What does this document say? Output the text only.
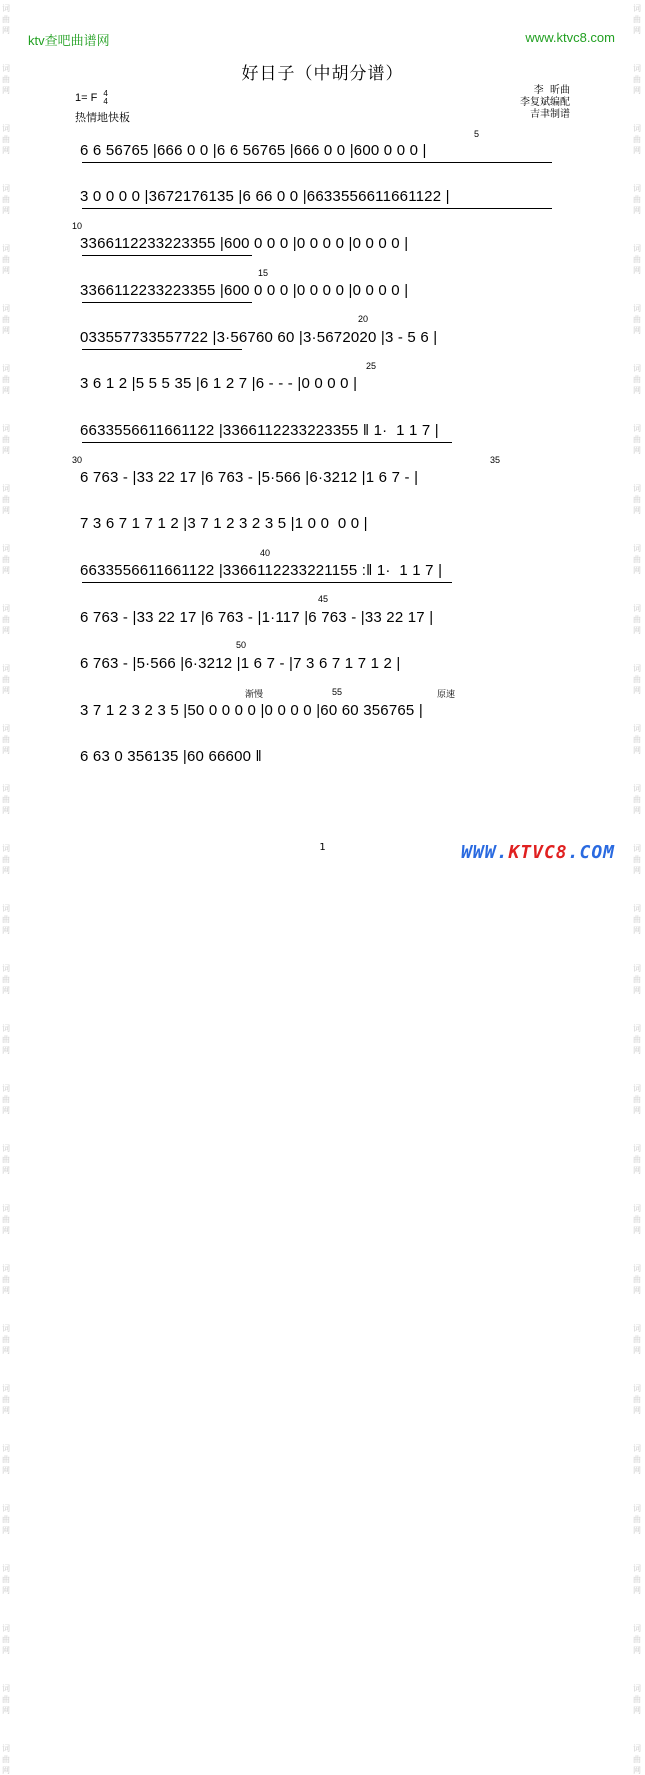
词
曲
网
词
曲
网
词
曲
网
词
曲
网
词
曲
网
词
曲
网
词
曲
网
词
曲
网
词
曲
网
词
曲
网
词
曲
网
词
曲
网
词
曲
网
词
曲
网
词
曲
网
词
曲
网
词
曲
网
词
曲
网
词
曲
网
词
曲
网
词
曲
网
词
曲
网
词
曲
网
词
曲
网
词
曲
网
词
曲
网
词
曲
网
词
曲
网
词
曲
网
词
曲
网
词
曲
网
词
曲
网
词
曲
网
词
曲
网
词
曲
网
词
曲
网
词
曲
网
词
曲
网
词
曲
网
词
曲
网
词
曲
网
词
曲
网
词
曲
网
词
曲
网
词
曲
网
词
曲
网
词
曲
网
词
曲
网
词
曲
网
词
曲
网
词
曲
网
词
曲
网
词
曲
网
词
曲
网
词
曲
网
词
曲
网
词
曲
网
词
曲
网
词
曲
网
词
曲
网
ktv查吧曲谱网	www.ktvc8.com
好日子（中胡分谱）
1= F 4
4
热情地快板
李  昕曲
李复斌编配
吉聿制谱
6 6 56765 |666 0 0 |6 6 56765 |666 0 0 |600 0 0 0 |
3 0 0 0 0 |3672176135 |6 66 0 0 |6633556611661122 |
3366112233223355 |600 0 0 0 |0 0 0 0 |0 0 0 0 |
3366112233223355 |600 0 0 0 |0 0 0 0 |0 0 0 0 |
033557733557722 |3·56760 60 |3·5672020 |3 - 5 6 |
3 6 1 2 |5 5 5 35 |6 1 2 7 |6 - - - |0 0 0 0 |
6633556611661122 |3366112233223355 ‖ 1·  1 1 7 |
6 763 - |33 22 17 |6 763 - |5·566 |6·3212 |1 6 7 - |
7 3 6 7 1 7 1 2 |3 7 1 2 3 2 3 5 |1 0 0  0 0 |
6633556611661122 |3366112233221155 :‖ 1·  1 1 7 |
6 763 - |33 22 17 |6 763 - |1·117 |6 763 - |33 22 17 |
6 763 - |5·566 |6·3212 |1 6 7 - |7 3 6 7 1 7 1 2 |
3 7 1 2 3 2 3 5 |50 0 0 0 0 |0 0 0 0 |60 60 356765 |
6 63 0 356135 |60 66600 ‖
5
10
15
20
25
30	35
40
45
50
55
渐慢	原速
1	WWW.KTVC8.COM
